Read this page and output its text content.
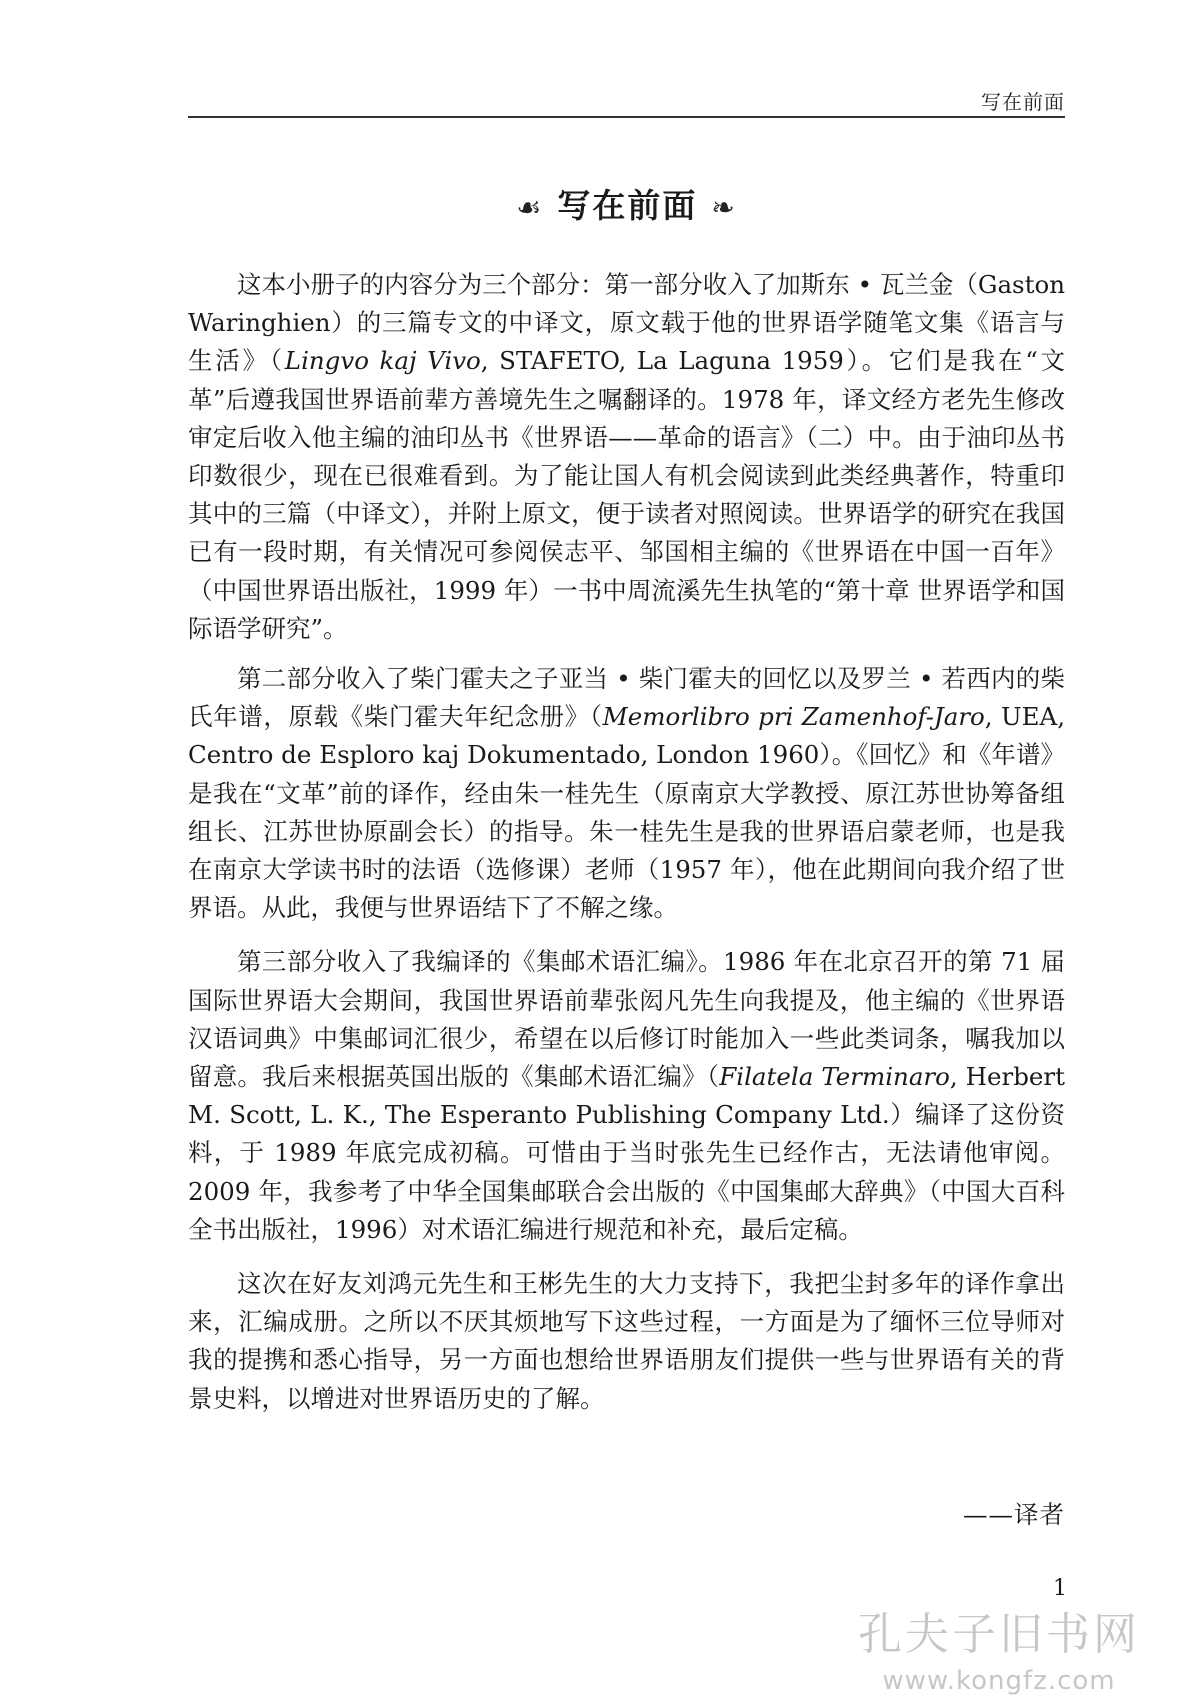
写在前面
☙ 写在前面 ❧

这本小册子的内容分为三个部分：第一部分收入了加斯东 • 瓦兰金（Gaston Waringhien）的三篇专文的中译文，原文载于他的世界语学随笔文集《语言与生活》（Lingvo kaj Vivo, STAFETO, La Laguna 1959）。它们是我在“文革”后遵我国世界语前辈方善境先生之嘱翻译的。1978 年，译文经方老先生修改审定后收入他主编的油印丛书《世界语——革命的语言》（二）中。由于油印丛书印数很少，现在已很难看到。为了能让国人有机会阅读到此类经典著作，特重印其中的三篇（中译文），并附上原文，便于读者对照阅读。世界语学的研究在我国已有一段时期，有关情况可参阅侯志平、邹国相主编的《世界语在中国一百年》（中国世界语出版社，1999 年）一书中周流溪先生执笔的“第十章 世界语学和国际语学研究”。

第二部分收入了柴门霍夫之子亚当 • 柴门霍夫的回忆以及罗兰 • 若西内的柴氏年谱，原载《柴门霍夫年纪念册》（Memorlibro pri Zamenhof-Jaro, UEA, Centro de Esploro kaj Dokumentado, London 1960）。《回忆》和《年谱》是我在“文革”前的译作，经由朱一桂先生（原南京大学教授、原江苏世协筹备组组长、江苏世协原副会长）的指导。朱一桂先生是我的世界语启蒙老师，也是我在南京大学读书时的法语（选修课）老师（1957 年），他在此期间向我介绍了世界语。从此，我便与世界语结下了不解之缘。

第三部分收入了我编译的《集邮术语汇编》。1986 年在北京召开的第 71 届国际世界语大会期间，我国世界语前辈张闳凡先生向我提及，他主编的《世界语汉语词典》中集邮词汇很少，希望在以后修订时能加入一些此类词条，嘱我加以留意。我后来根据英国出版的《集邮术语汇编》（Filatela Terminaro, Herbert M. Scott, L. K., The Esperanto Publishing Company Ltd.）编译了这份资料，于 1989 年底完成初稿。可惜由于当时张先生已经作古，无法请他审阅。2009 年，我参考了中华全国集邮联合会出版的《中国集邮大辞典》（中国大百科全书出版社，1996）对术语汇编进行规范和补充，最后定稿。

这次在好友刘鸿元先生和王彬先生的大力支持下，我把尘封多年的译作拿出来，汇编成册。之所以不厌其烦地写下这些过程，一方面是为了缅怀三位导师对我的提携和悉心指导，另一方面也想给世界语朋友们提供一些与世界语有关的背景史料，以增进对世界语历史的了解。

——译者
1
孔夫子旧书网
www.kongfz.com
